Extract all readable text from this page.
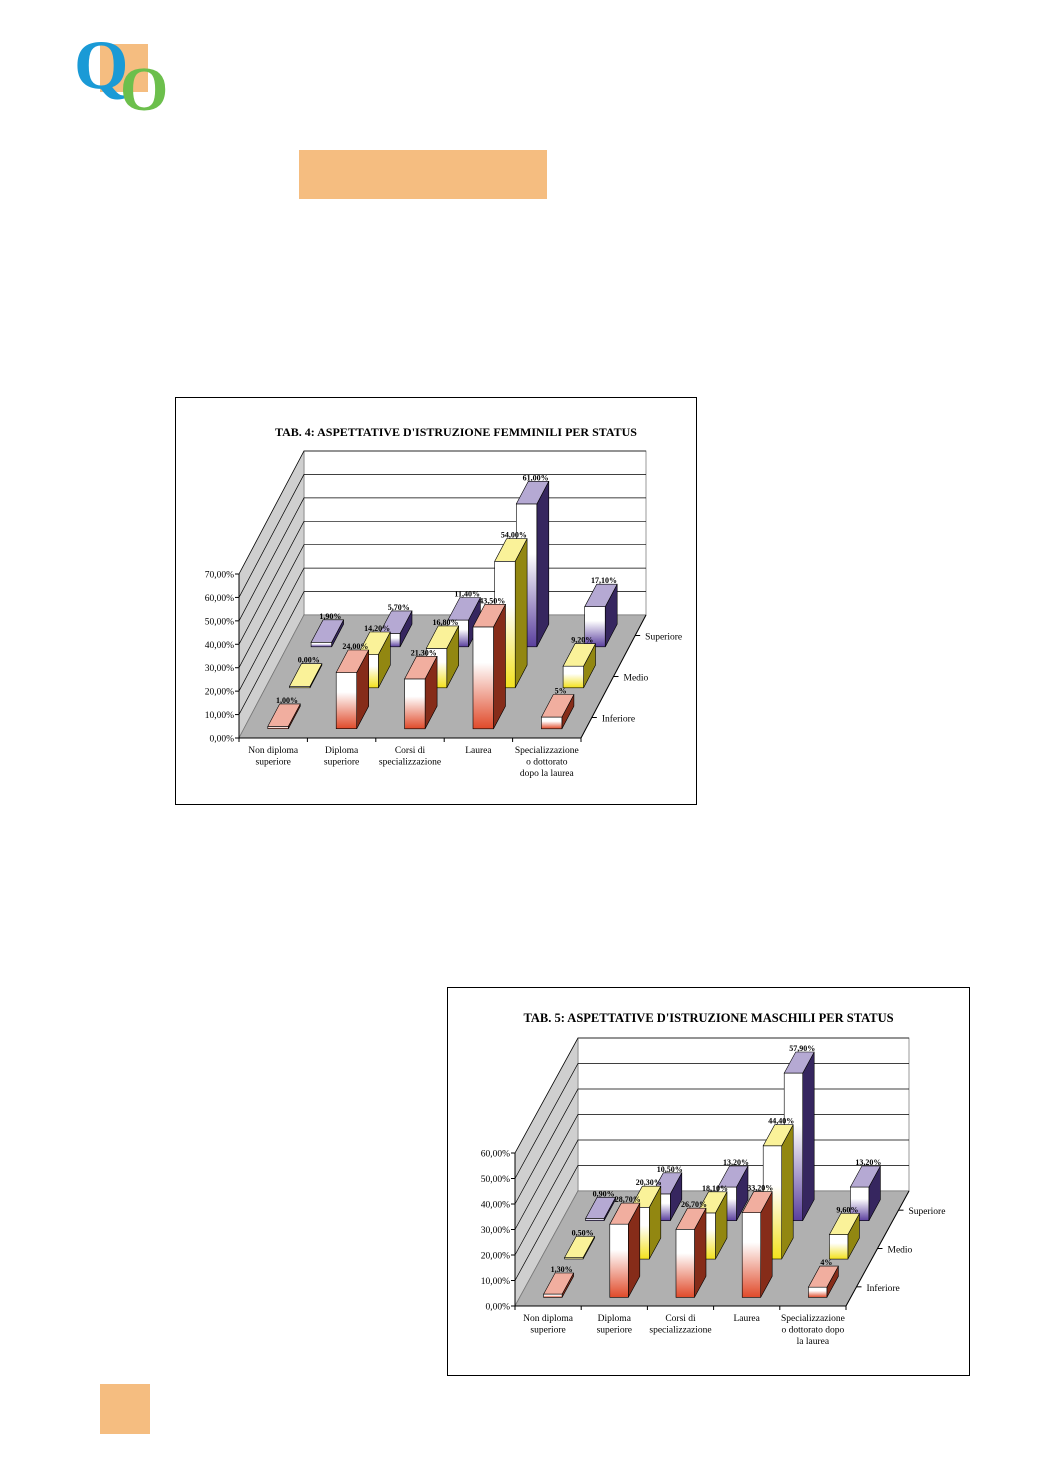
Q
O
TAB. 4: ASPETTATIVE D'ISTRUZIONE FEMMINILI PER STATUS
1,90%
5,70%
11,40%
61,00%
17,10%
0,00%
14,20%
16,80%
54,00%
9,20%
1,00%
24,00%
21,30%
43,50%
5%
0,00%
10,00%
20,00%
30,00%
40,00%
50,00%
60,00%
70,00%
Non diploma
superiore
Diploma
superiore
Corsi di
specializzazione
Laurea Specializzazione
o dottorato
dopo la laurea
Inferiore
Medio
Superiore
TAB. 5: ASPETTATIVE D'ISTRUZIONE MASCHILI PER STATUS
0,90%
10,50%
13,20%
57,90%
13,20%
0,50%
20,30%
18,10%
44,40%
9,60%
1,30%
28,70%
26,70%
33,20%
4%
0,00%
10,00%
20,00%
30,00%
40,00%
50,00%
60,00%
Non diploma
superiore
Diploma
superiore
Corsi di
specializzazione
Laurea Specializzazione
o dottorato dopo
la laurea
Inferiore
Medio
Superiore
